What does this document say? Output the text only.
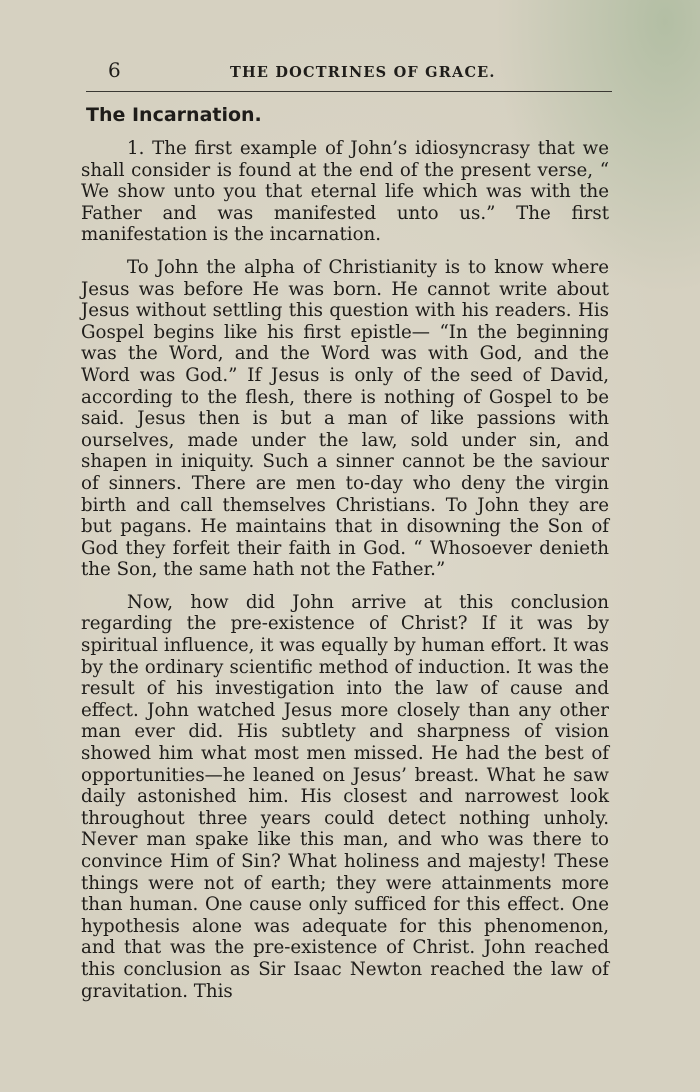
6	THE DOCTRINES OF GRACE.
The Incarnation.

1. The first example of John’s idiosyncrasy that we shall consider is found at the end of the present verse, “ We show unto you that eternal life which was with the Father and was manifested unto us.” The first manifestation is the incarnation.

To John the alpha of Christianity is to know where Jesus was before He was born. He cannot write about Jesus without settling this question with his readers. His Gospel begins like his first epistle— “In the beginning was the Word, and the Word was with God, and the Word was God.” If Jesus is only of the seed of David, according to the flesh, there is nothing of Gospel to be said. Jesus then is but a man of like passions with ourselves, made under the law, sold under sin, and shapen in iniquity. Such a sinner cannot be the saviour of sinners. There are men to-day who deny the virgin birth and call themselves Christians. To John they are but pagans. He maintains that in disowning the Son of God they forfeit their faith in God. “ Whosoever denieth the Son, the same hath not the Father.”

Now, how did John arrive at this conclusion regarding the pre-existence of Christ? If it was by spiritual influence, it was equally by human effort. It was by the ordinary scientific method of induction. It was the result of his investigation into the law of cause and effect. John watched Jesus more closely than any other man ever did. His subtlety and sharpness of vision showed him what most men missed. He had the best of opportunities—he leaned on Jesus’ breast. What he saw daily astonished him. His closest and narrowest look throughout three years could detect nothing unholy. Never man spake like this man, and who was there to convince Him of Sin? What holiness and majesty! These things were not of earth; they were attainments more than human. One cause only sufficed for this effect. One hypothesis alone was adequate for this phenomenon, and that was the pre-existence of Christ. John reached this conclusion as Sir Isaac Newton reached the law of gravitation. This
